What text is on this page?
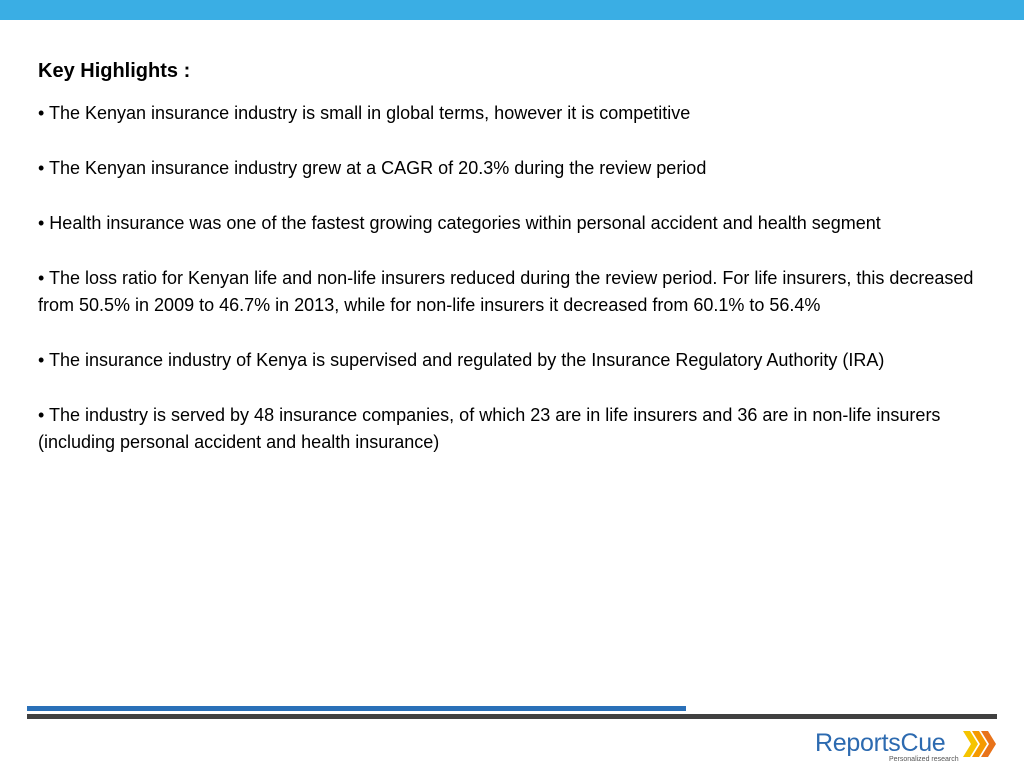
Key Highlights :
• The Kenyan insurance industry is small in global terms, however it is competitive
• The Kenyan insurance industry grew at a CAGR of 20.3% during the review period
• Health insurance was one of the fastest growing categories within personal accident and health segment
• The loss ratio for Kenyan life and non-life insurers reduced during the review period. For life insurers, this decreased from 50.5% in 2009 to 46.7% in 2013, while for non-life insurers it decreased from 60.1% to 56.4%
• The insurance industry of Kenya is supervised and regulated by the Insurance Regulatory Authority (IRA)
• The industry is served by 48 insurance companies, of which 23 are in life insurers and 36 are in non-life insurers (including personal accident and health insurance)
ReportsCue
Personalized research
